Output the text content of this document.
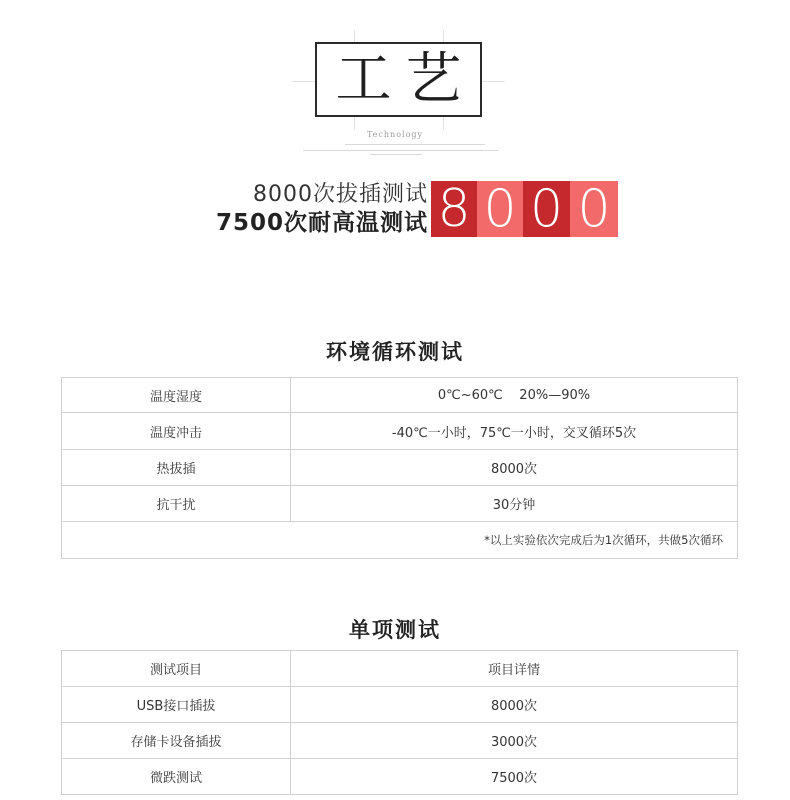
工艺
Technology
8000次拔插测试
7500次耐高温测试 8 0 0 0
环境循环测试
温度湿度	0℃~60℃    20%—90%
温度冲击	-40℃一小时，75℃一小时，交叉循环5次
热拔插	8000次
抗干扰	30分钟
*以上实验依次完成后为1次循环，共做5次循环	
单项测试
测试项目	项目详情
USB接口插拔	8000次
存储卡设备插拔	3000次
微跌测试	7500次
